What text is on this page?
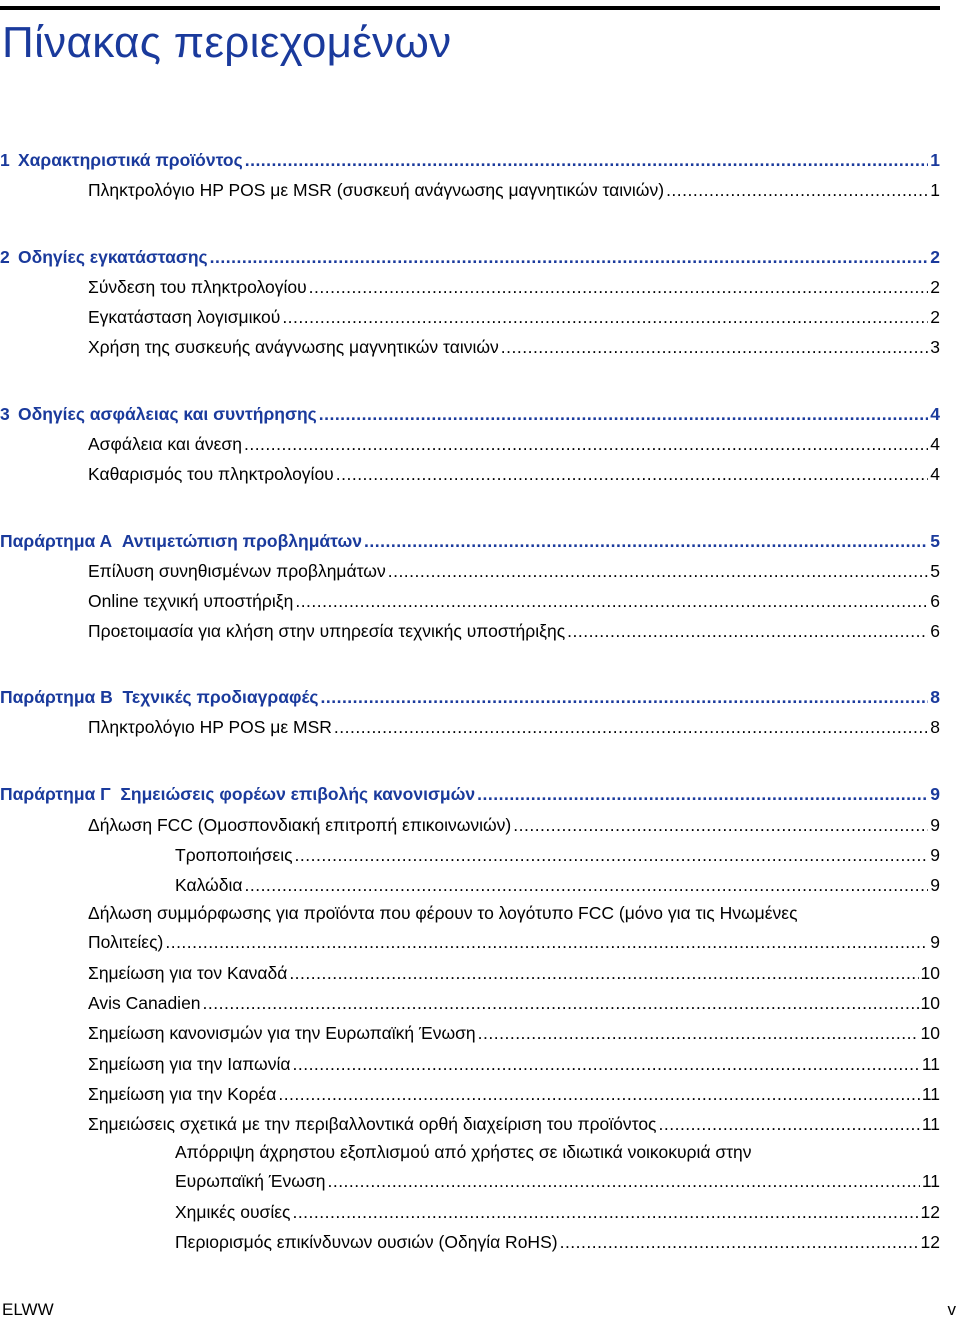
Πίνακας περιεχομένων
1 Χαρακτηριστικά προϊόντος .....	1
Πληκτρολόγιο HP POS με MSR (συσκευή ανάγνωσης μαγνητικών ταινιών) .....	1
2 Οδηγίες εγκατάστασης .....	2
Σύνδεση του πληκτρολογίου .....	2
Εγκατάσταση λογισμικού .....	2
Χρήση της συσκευής ανάγνωσης μαγνητικών ταινιών .....	3
3 Οδηγίες ασφάλειας και συντήρησης .....	4
Ασφάλεια και άνεση .....	4
Καθαρισμός του πληκτρολογίου .....	4
Παράρτημα Α Αντιμετώπιση προβλημάτων .....	5
Επίλυση συνηθισμένων προβλημάτων .....	5
Online τεχνική υποστήριξη .....	6
Προετοιμασία για κλήση στην υπηρεσία τεχνικής υποστήριξης .....	6
Παράρτημα Β Τεχνικές προδιαγραφές .....	8
Πληκτρολόγιο HP POS με MSR .....	8
Παράρτημα Γ Σημειώσεις φορέων επιβολής κανονισμών .....	9
Δήλωση FCC (Ομοσπονδιακή επιτροπή επικοινωνιών) .....	9
Τροποποιήσεις .....	9
Καλώδια .....	9
Δήλωση συμμόρφωσης για προϊόντα που φέρουν το λογότυπο FCC (μόνο για τις Ηνωμένες
Πολιτείες) .....	9
Σημείωση για τον Καναδά .....	10
Avis Canadien .....	10
Σημείωση κανονισμών για την Ευρωπαϊκή Ένωση .....	10
Σημείωση για την Ιαπωνία .....	11
Σημείωση για την Κορέα .....	11
Σημειώσεις σχετικά με την περιβαλλοντικά ορθή διαχείριση του προϊόντος .....	11
Απόρριψη άχρηστου εξοπλισμού από χρήστες σε ιδιωτικά νοικοκυριά στην
Ευρωπαϊκή Ένωση .....	11
Χημικές ουσίες .....	12
Περιορισμός επικίνδυνων ουσιών (Οδηγία RoHS) .....	12
ELWW	v
